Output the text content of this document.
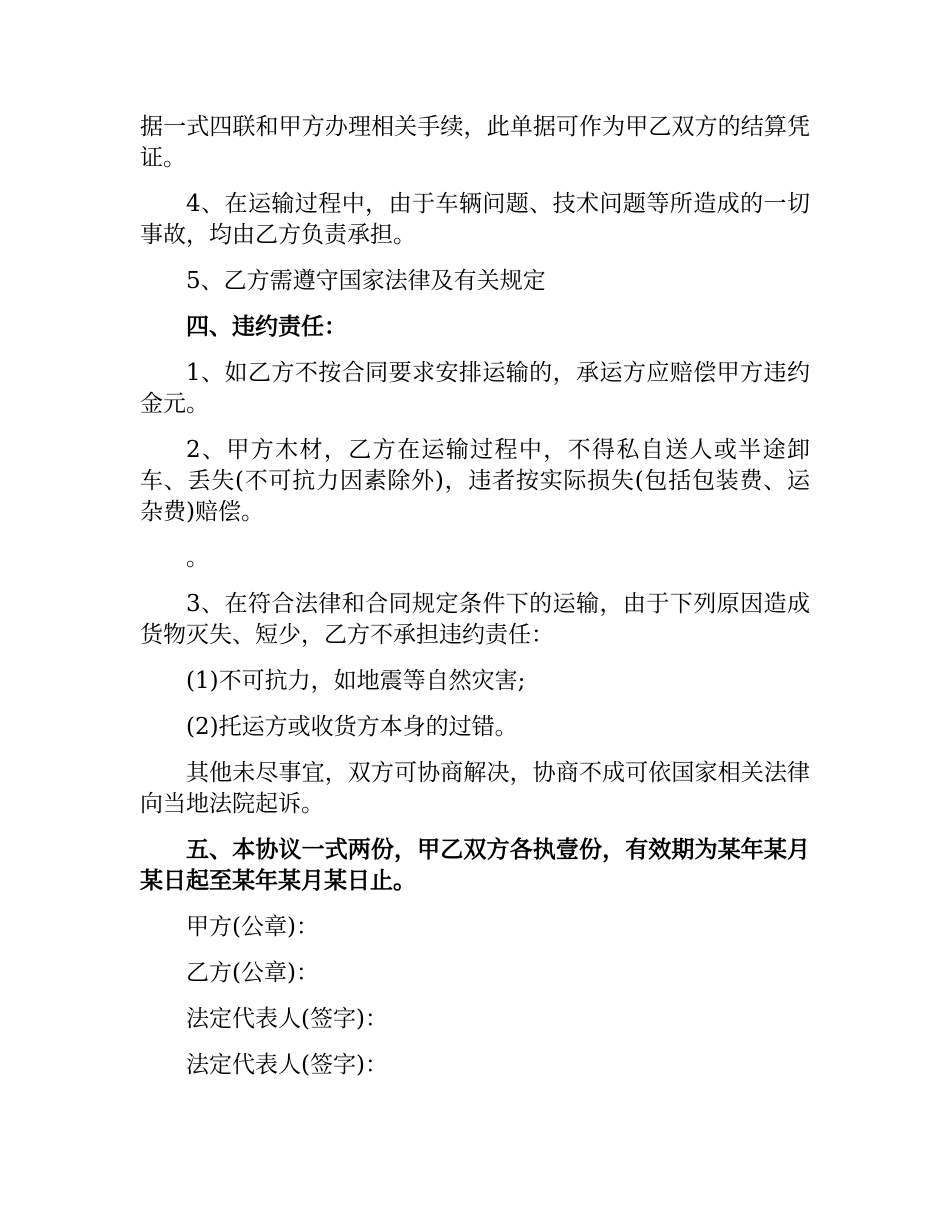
据一式四联和甲方办理相关手续，此单据可作为甲乙双方的结算凭证。

4、在运输过程中，由于车辆问题、技术问题等所造成的一切事故，均由乙方负责承担。

5、乙方需遵守国家法律及有关规定

四、违约责任：

1、如乙方不按合同要求安排运输的，承运方应赔偿甲方违约金元。

2、甲方木材，乙方在运输过程中，不得私自送人或半途卸车、丢失(不可抗力因素除外)，违者按实际损失(包括包装费、运杂费)赔偿。

。

3、在符合法律和合同规定条件下的运输，由于下列原因造成货物灭失、短少，乙方不承担违约责任：

(1)不可抗力，如地震等自然灾害;

(2)托运方或收货方本身的过错。

其他未尽事宜，双方可协商解决，协商不成可依国家相关法律向当地法院起诉。

五、本协议一式两份，甲乙双方各执壹份，有效期为某年某月某日起至某年某月某日止。

甲方(公章)：

乙方(公章)：

法定代表人(签字)：

法定代表人(签字)：
